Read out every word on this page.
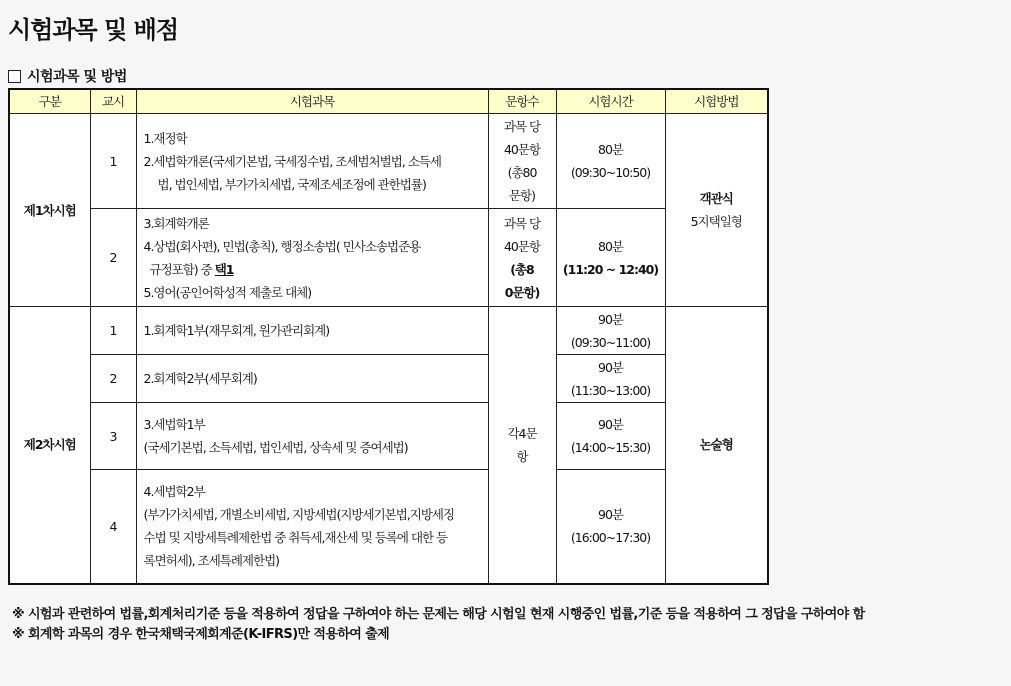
시험과목 및 배점
시험과목 및 방법
구분	교시	시험과목	문항수	시험시간	시험방법
제1차시험	1	1.재정학
2.세법학개론(국세기본법, 국세징수법, 조세범처벌법, 소득세
법, 법인세법, 부가가치세법, 국제조세조정에 관한법률)	과목 당
40문항
(총80
문항)	80분
(09:30~10:50)	객관식
5지택일형

	2	3.회계학개론
4.상법(회사편), 민법(총칙), 행정소송법( 민사소송법준용
규정포함) 중 택1
5.영어(공인어학성적 제출로 대체)	과목 당
40문항
(총8
0문항)	80분
(11:20 ~ 12:40)	

제2차시험	1	1.회계학1부(재무회계, 원가관리회계)	각4문
항	90분
(09:30~11:00)	논술형
	2	2.회계학2부(세무회계)		90분
(11:30~13:00)	

	3	3.세법학1부
(국세기본법, 소득세법, 법인세법, 상속세 및 증여세법)		90분
(14:00~15:30)	

	4	4.세법학2부
(부가가치세법, 개별소비세법, 지방세법(지방세기본법,지방세징
수법 및 지방세특례제한법 중 취득세,재산세 및 등록에 대한 등
록면허세), 조세특례제한법)		90분
(16:00~17:30)	
※ 시험과 관련하여 법률,회계처리기준 등을 적용하여 정답을 구하여야 하는 문제는 해당 시험일 현재 시행중인 법률,기준 등을 적용하여 그 정답을 구하여야 함
※ 회계학 과목의 경우 한국채택국제회계준(K-IFRS)만 적용하여 출제
